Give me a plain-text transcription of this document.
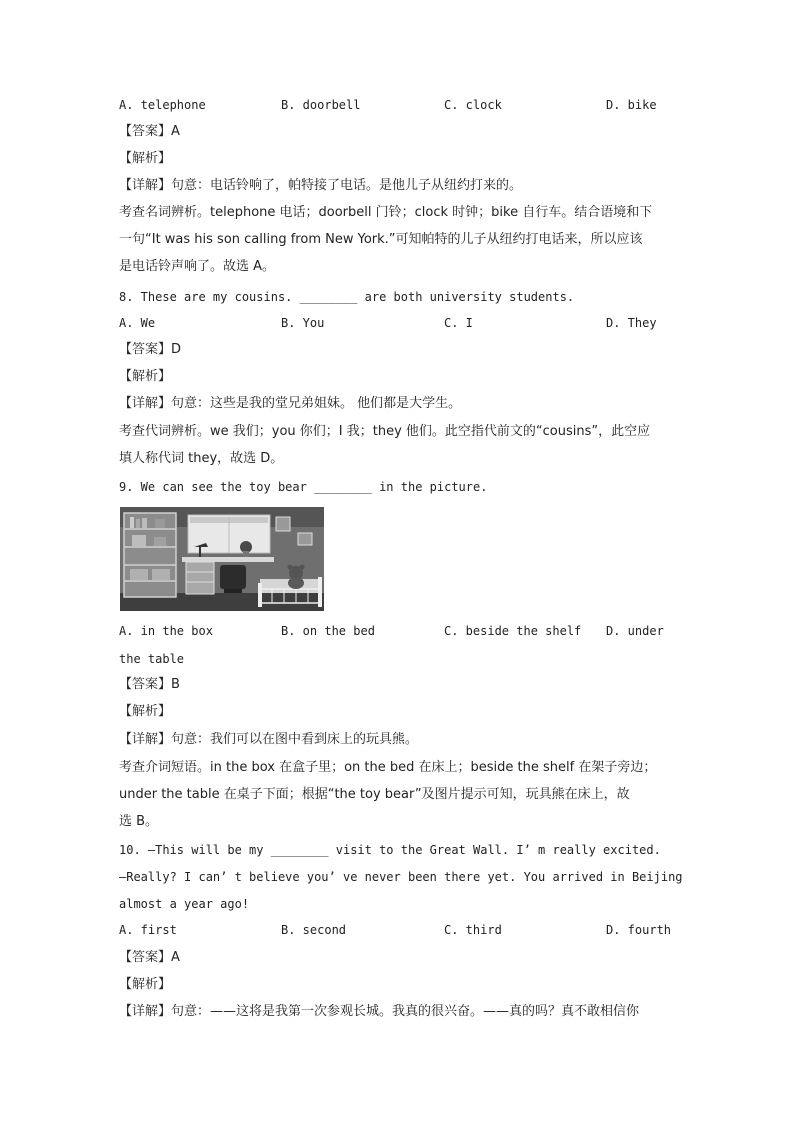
A. telephone	B. doorbell	C. clock	D. bike
【答案】A
【解析】
【详解】句意：电话铃响了，帕特接了电话。是他儿子从纽约打来的。
考查名词辨析。telephone 电话；doorbell 门铃；clock 时钟；bike 自行车。结合语境和下
一句“It was his son calling from New York.”可知帕特的儿子从纽约打电话来，所以应该
是电话铃声响了。故选 A。
8. These are my cousins. ________ are both university students.
A. We	B. You	C. I	D. They
【答案】D
【解析】
【详解】句意：这些是我的堂兄弟姐妹。 他们都是大学生。
考查代词辨析。we 我们；you 你们；I 我；they 他们。此空指代前文的“cousins”，此空应
填人称代词 they，故选 D。
9. We can see the toy bear ________ in the picture.
A. in the box	B. on the bed	C. beside the shelf D. under
the table
【答案】B
【解析】
【详解】句意：我们可以在图中看到床上的玩具熊。
考查介词短语。in the box 在盒子里；on the bed 在床上；beside the shelf 在架子旁边；
under the table 在桌子下面；根据“the toy bear”及图片提示可知，玩具熊在床上，故
选 B。
10. —This will be my ________ visit to the Great Wall. I’ m really excited.
—Really? I can’ t believe you’ ve never been there yet. You arrived in Beijing
almost a year ago!
A. first	B. second	C. third	D. fourth
【答案】A
【解析】
【详解】句意：——这将是我第一次参观长城。我真的很兴奋。——真的吗？真不敢相信你
